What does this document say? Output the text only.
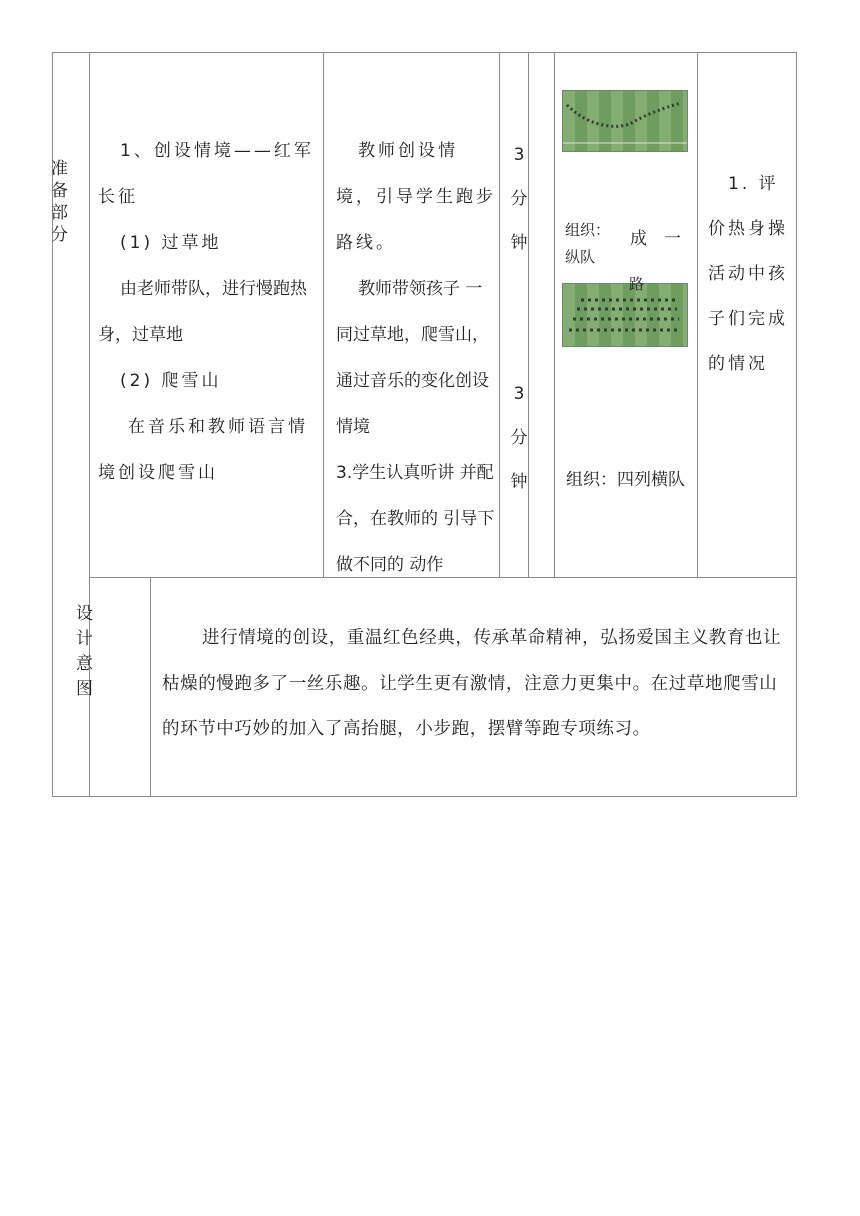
准
备
部
分

1、创设情境——红军长征

(1) 过草地

由老师带队，进行慢跑热身，过草地

(2) 爬雪山

在音乐和教师语言情 境创设爬雪山

教师创设情境，引导学生跑步路线。

教师带领孩子 一同过草地，爬雪山，通过音乐的变化创设情境

3.学生认真听讲 并配合，在教师的 引导下做不同的 动作

3
分
钟
3
分
钟
组织： 成　一
纵队
组织：四列横队

1. 评价热身操活动中孩子们完成的情况

设
计
意
图

进行情境的创设，重温红色经典，传承革命精神，弘扬爱国主义教育也让枯燥的慢跑多了一丝乐趣。让学生更有激情，注意力更集中。在过草地爬雪山的环节中巧妙的加入了高抬腿，小步跑，摆臂等跑专项练习。
